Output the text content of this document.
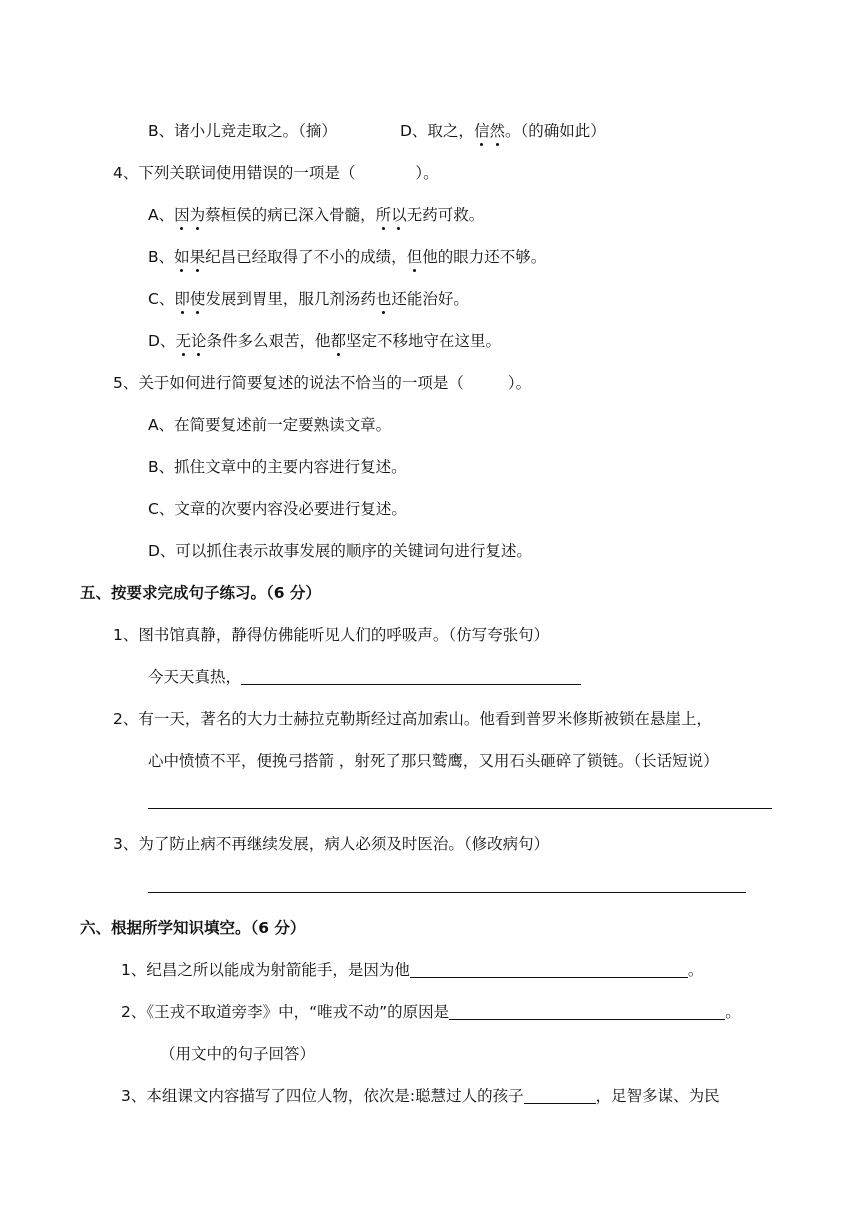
B、诸小儿竞走取之。（摘）	D、取之，信然。（的确如此）
4、下列关联词使用错误的一项是（	）。
A、因为蔡桓侯的病已深入骨髓，所以无药可救。
B、如果纪昌已经取得了不小的成绩，但他的眼力还不够。
C、即使发展到胃里，服几剂汤药也还能治好。
D、无论条件多么艰苦，他都坚定不移地守在这里。
5、关于如何进行简要复述的说法不恰当的一项是（	）。
A、在简要复述前一定要熟读文章。
B、抓住文章中的主要内容进行复述。
C、文章的次要内容没必要进行复述。
D、可以抓住表示故事发展的顺序的关键词句进行复述。
五、按要求完成句子练习。（6 分）
1、图书馆真静，静得仿佛能听见人们的呼吸声。（仿写夸张句）
今天天真热，
2、有一天，著名的大力士赫拉克勒斯经过高加索山。他看到普罗米修斯被锁在悬崖上，
心中愤愤不平，便挽弓搭箭 ，射死了那只鹫鹰，又用石头砸碎了锁链。（长话短说）
3、为了防止病不再继续发展，病人必须及时医治。（修改病句）
六、根据所学知识填空。（6 分）
1、纪昌之所以能成为射箭能手，是因为他	。
2、《王戎不取道旁李》中，“唯戎不动”的原因是	。
（用文中的句子回答）
3、本组课文内容描写了四位人物，依次是:聪慧过人的孩子	，足智多谋、为民
